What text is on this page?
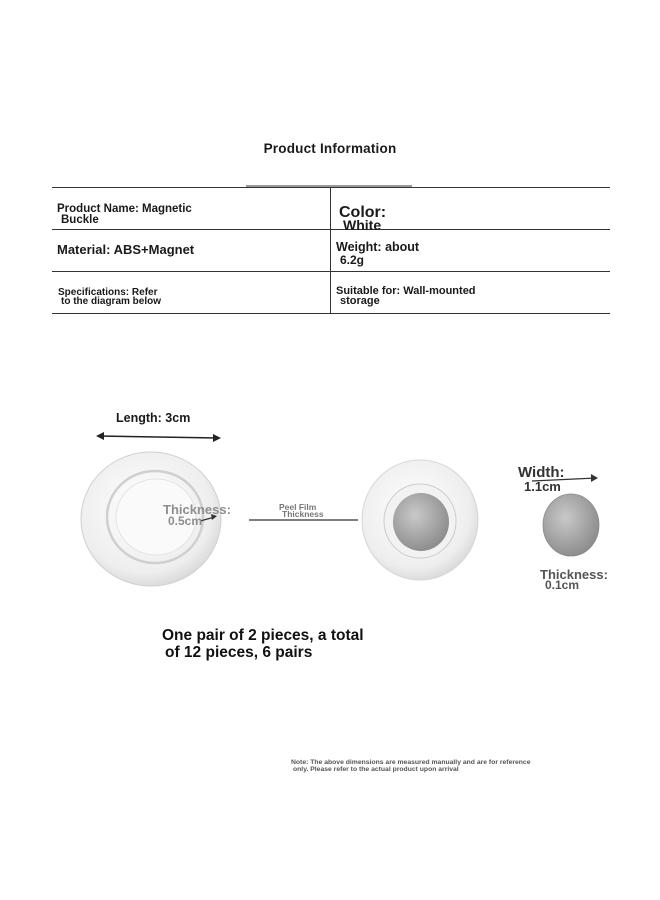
Product Information
Product Name: Magnetic
Buckle	Color:
White
Material: ABS+Magnet	Weight: about
6.2g
Specifications: Refer
to the diagram below
Suitable for: Wall-mounted
storage
Length: 3cm
Thickness:
0.5cm
Peel Film
Thickness
Width:
1.1cm
Thickness:
0.1cm
One pair of 2 pieces, a total
of 12 pieces, 6 pairs
Note: The above dimensions are measured manually and are for reference
only. Please refer to the actual product upon arrival
